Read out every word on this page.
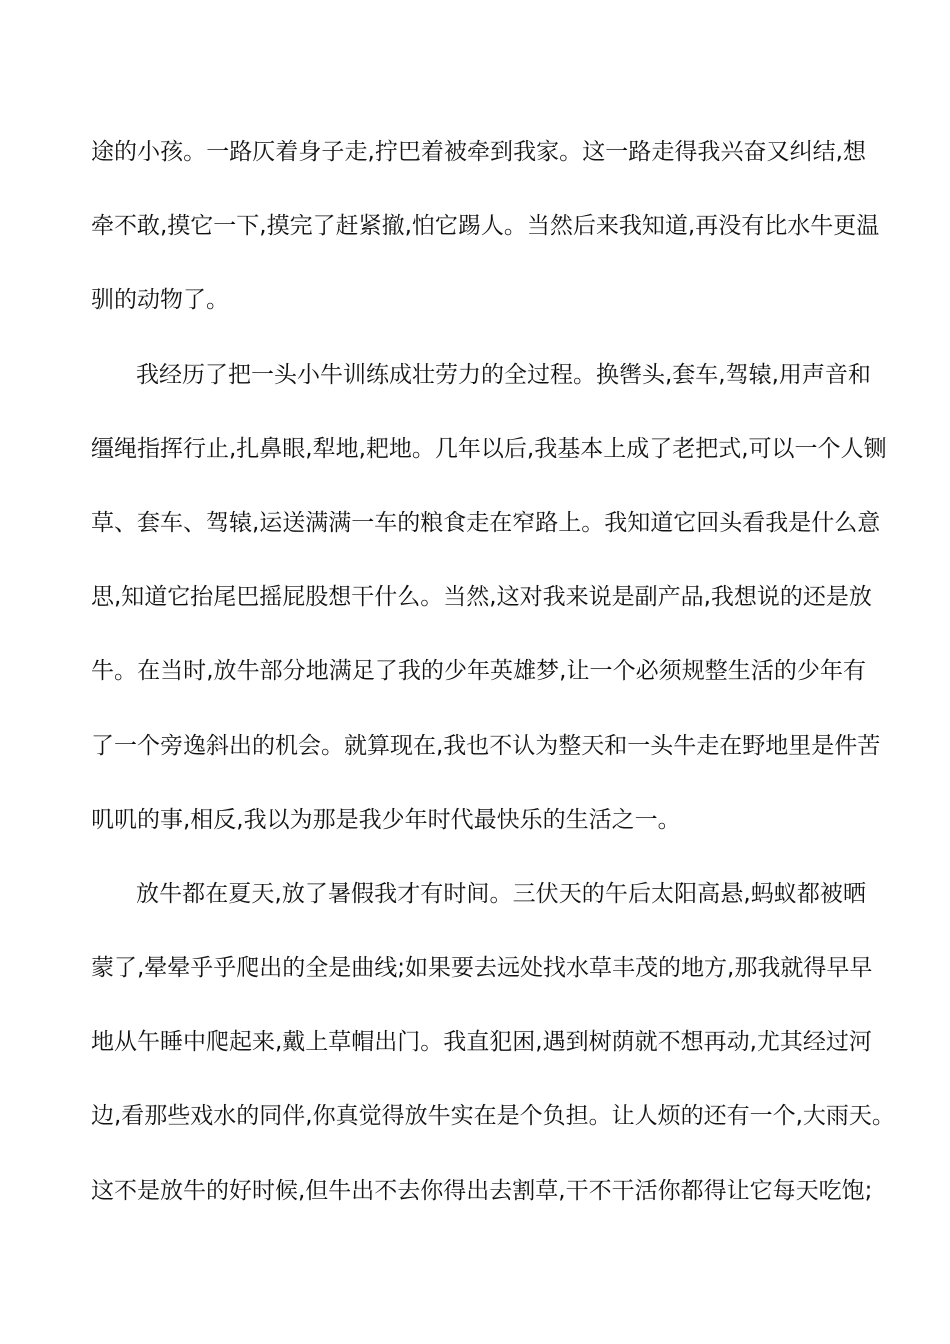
途的小孩。一路仄着身子走,拧巴着被牵到我家。这一路走得我兴奋又纠结,想
牵不敢,摸它一下,摸完了赶紧撤,怕它踢人。当然后来我知道,再没有比水牛更温
驯的动物了。
我经历了把一头小牛训练成壮劳力的全过程。换辔头,套车,驾辕,用声音和
缰绳指挥行止,扎鼻眼,犁地,耙地。几年以后,我基本上成了老把式,可以一个人铡
草、套车、驾辕,运送满满一车的粮食走在窄路上。我知道它回头看我是什么意
思,知道它抬尾巴摇屁股想干什么。当然,这对我来说是副产品,我想说的还是放
牛。在当时,放牛部分地满足了我的少年英雄梦,让一个必须规整生活的少年有
了一个旁逸斜出的机会。就算现在,我也不认为整天和一头牛走在野地里是件苦
叽叽的事,相反,我以为那是我少年时代最快乐的生活之一。
放牛都在夏天,放了暑假我才有时间。三伏天的午后太阳高悬,蚂蚁都被晒
蒙了,晕晕乎乎爬出的全是曲线;如果要去远处找水草丰茂的地方,那我就得早早
地从午睡中爬起来,戴上草帽出门。我直犯困,遇到树荫就不想再动,尤其经过河
边,看那些戏水的同伴,你真觉得放牛实在是个负担。让人烦的还有一个,大雨天。
这不是放牛的好时候,但牛出不去你得出去割草,干不干活你都得让它每天吃饱;
